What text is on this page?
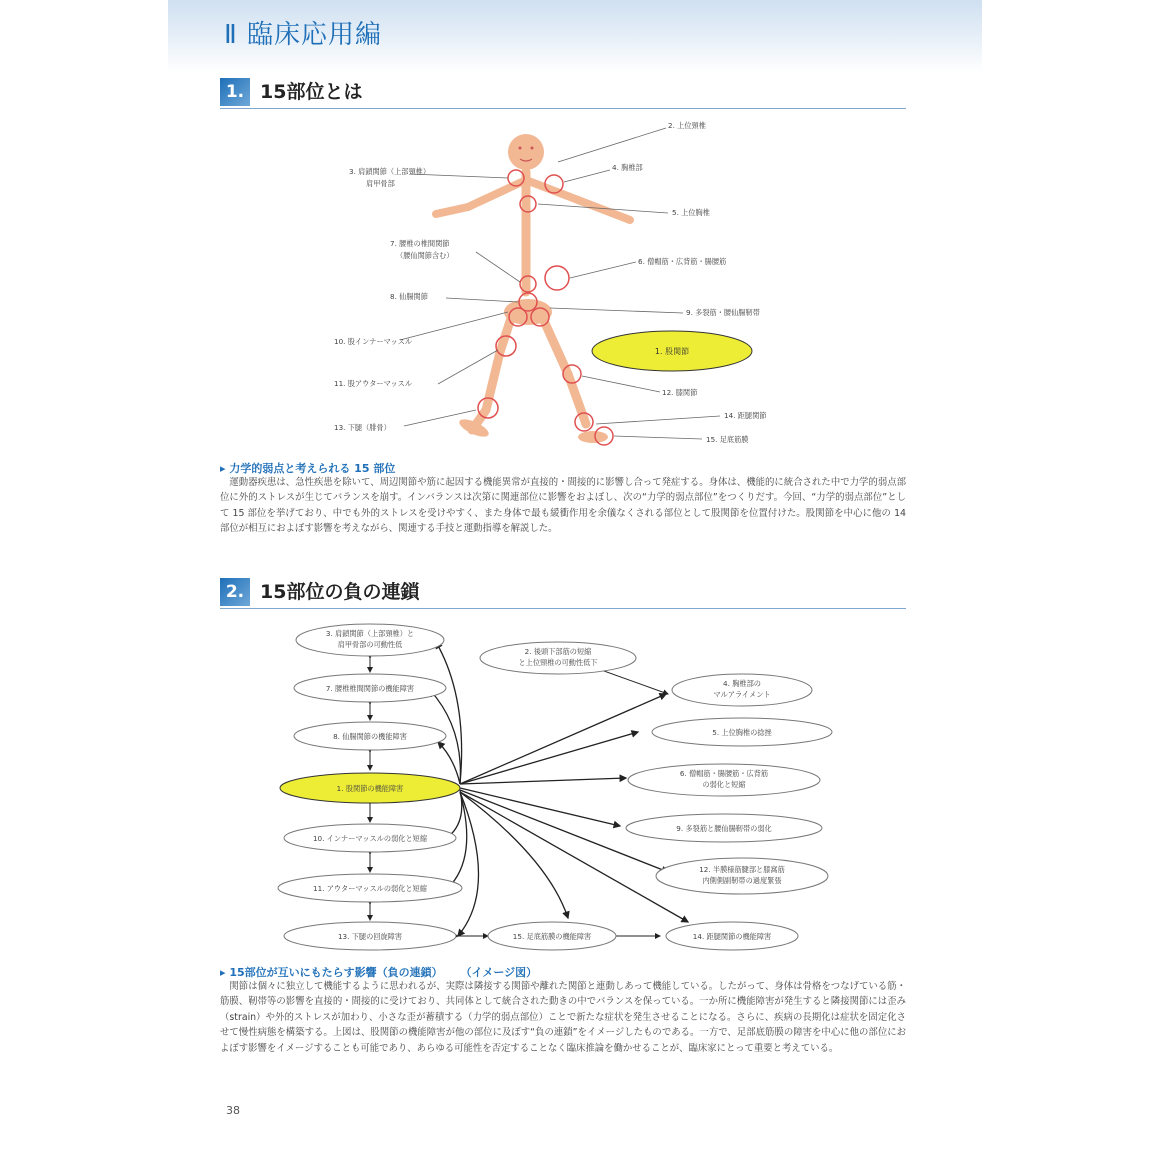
Ⅱ 臨床応用編
1. 15部位とは
1. 股関節
2. 上位頸椎
3. 肩鎖関節（上部頸椎）
肩甲骨部
4. 胸椎部
5. 上位胸椎
7. 腰椎の椎間関節
（腰仙関節含む）
6. 僧帽筋・広背筋・腸腰筋
8. 仙腸関節
9. 多裂筋・腰仙腸靭帯
10. 股インナーマッスル
11. 股アウターマッスル
12. 膝関節
14. 距腿関節
13. 下腿（腓骨）
15. 足底筋膜
▸ 力学的弱点と考えられる 15 部位
運動器疾患は、急性疾患を除いて、周辺関節や筋に起因する機能異常が直接的・間接的に影響し合って発症する。身体は、機能的に統合された中で力学的弱点部位に外的ストレスが生じてバランスを崩す。インバランスは次第に関連部位に影響をおよぼし、次の“力学的弱点部位”をつくりだす。今回、“力学的弱点部位”として 15 部位を挙げており、中でも外的ストレスを受けやすく、また身体で最も緩衝作用を余儀なくされる部位として股関節を位置付けた。股関節を中心に他の 14 部位が相互におよぼす影響を考えながら、関連する手技と運動指導を解説した。
2. 15部位の負の連鎖
3. 肩鎖関節（上部頸椎）と
肩甲骨部の可動性低
7. 腰椎椎間関節の機能障害
8. 仙腸関節の機能障害
1. 股関節の機能障害
10. インナーマッスルの弱化と短縮
11. アウターマッスルの弱化と短縮
13. 下腿の回旋障害	15. 足底筋膜の機能障害	14. 距腿関節の機能障害
2. 後頭下部筋の短縮
と上位頸椎の可動性低下
4. 胸椎部の
マルアライメント
5. 上位胸椎の捻挫
6. 僧帽筋・腸腰筋・広背筋
の弱化と短縮
9. 多裂筋と腰仙腸靭帯の弱化
12. 半膜様筋腱部と膝窩筋
内側側副靭帯の過度緊張
▸ 15部位が互いにもたらす影響（負の連鎖） （イメージ図）
関節は個々に独立して機能するように思われるが、実際は隣接する関節や離れた関節と連動しあって機能している。したがって、身体は骨格をつなげている筋・筋膜、靭帯等の影響を直接的・間接的に受けており、共同体として統合された動きの中でバランスを保っている。一か所に機能障害が発生すると隣接関節には歪み（strain）や外的ストレスが加わり、小さな歪が蓄積する（力学的弱点部位）ことで新たな症状を発生させることになる。さらに、疾病の長期化は症状を固定化させて慢性病態を構築する。上図は、股関節の機能障害が他の部位に及ぼす“負の連鎖”をイメージしたものである。一方で、足部底筋膜の障害を中心に他の部位におよぼす影響をイメージすることも可能であり、あらゆる可能性を否定することなく臨床推論を働かせることが、臨床家にとって重要と考えている。
38
